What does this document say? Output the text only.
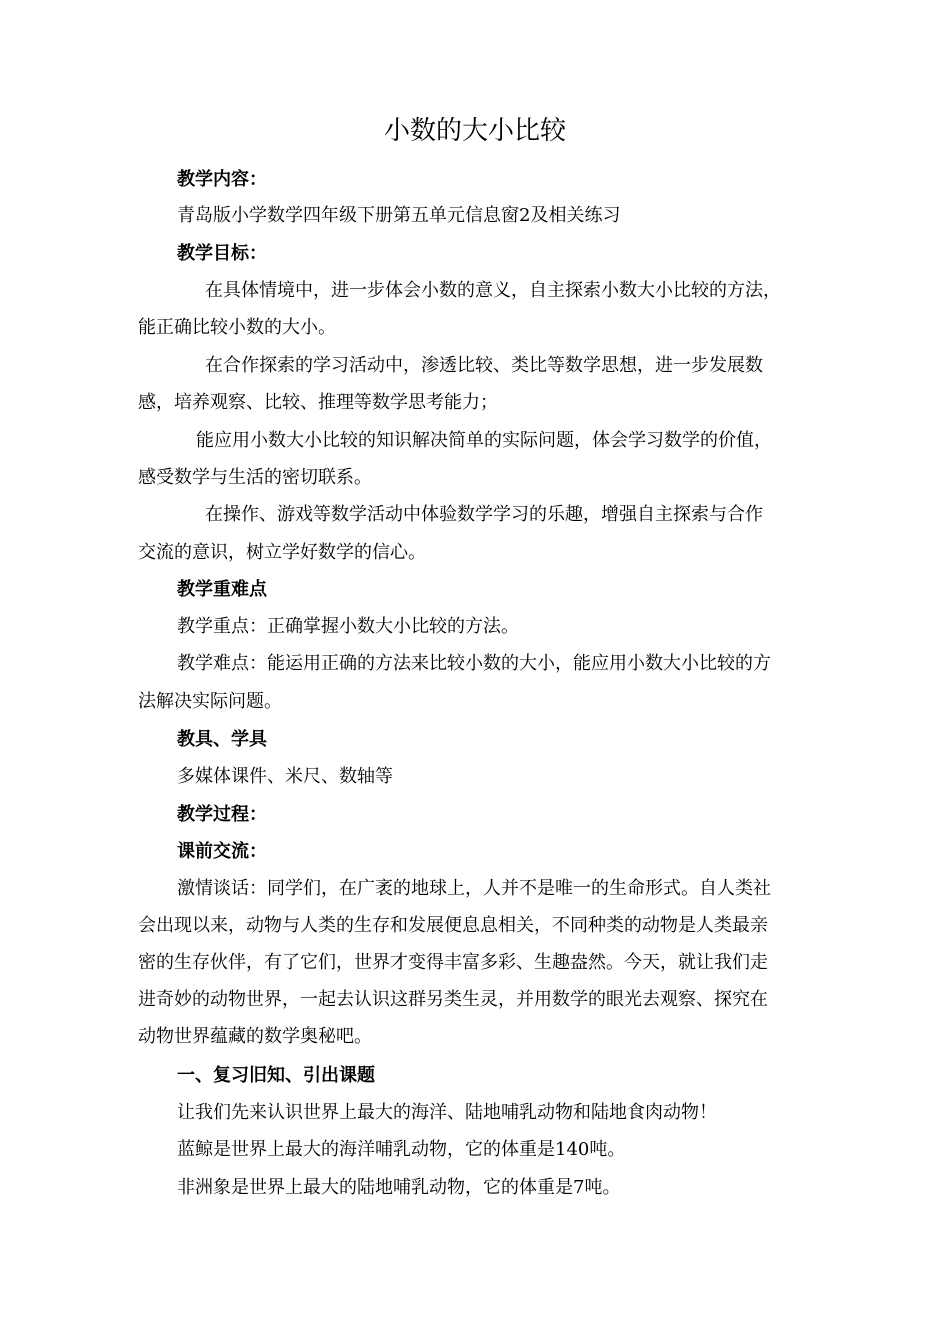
小数的大小比较
教学内容：
青岛版小学数学四年级下册第五单元信息窗2及相关练习
教学目标：
在具体情境中，进一步体会小数的意义，自主探索小数大小比较的方法，
能正确比较小数的大小。
在合作探索的学习活动中，渗透比较、类比等数学思想，进一步发展数
感，培养观察、比较、推理等数学思考能力；
能应用小数大小比较的知识解决简单的实际问题，体会学习数学的价值，
感受数学与生活的密切联系。
在操作、游戏等数学活动中体验数学学习的乐趣，增强自主探索与合作
交流的意识，树立学好数学的信心。
教学重难点
教学重点：正确掌握小数大小比较的方法。
教学难点：能运用正确的方法来比较小数的大小，能应用小数大小比较的方
法解决实际问题。
教具、学具
多媒体课件、米尺、数轴等
教学过程：
课前交流：
激情谈话：同学们，在广袤的地球上，人并不是唯一的生命形式。自人类社
会出现以来，动物与人类的生存和发展便息息相关，不同种类的动物是人类最亲
密的生存伙伴，有了它们，世界才变得丰富多彩、生趣盎然。今天，就让我们走
进奇妙的动物世界，一起去认识这群另类生灵，并用数学的眼光去观察、探究在
动物世界蕴藏的数学奥秘吧。
一、复习旧知、引出课题
让我们先来认识世界上最大的海洋、陆地哺乳动物和陆地食肉动物！
蓝鲸是世界上最大的海洋哺乳动物，它的体重是140吨。
非洲象是世界上最大的陆地哺乳动物，它的体重是7吨。
